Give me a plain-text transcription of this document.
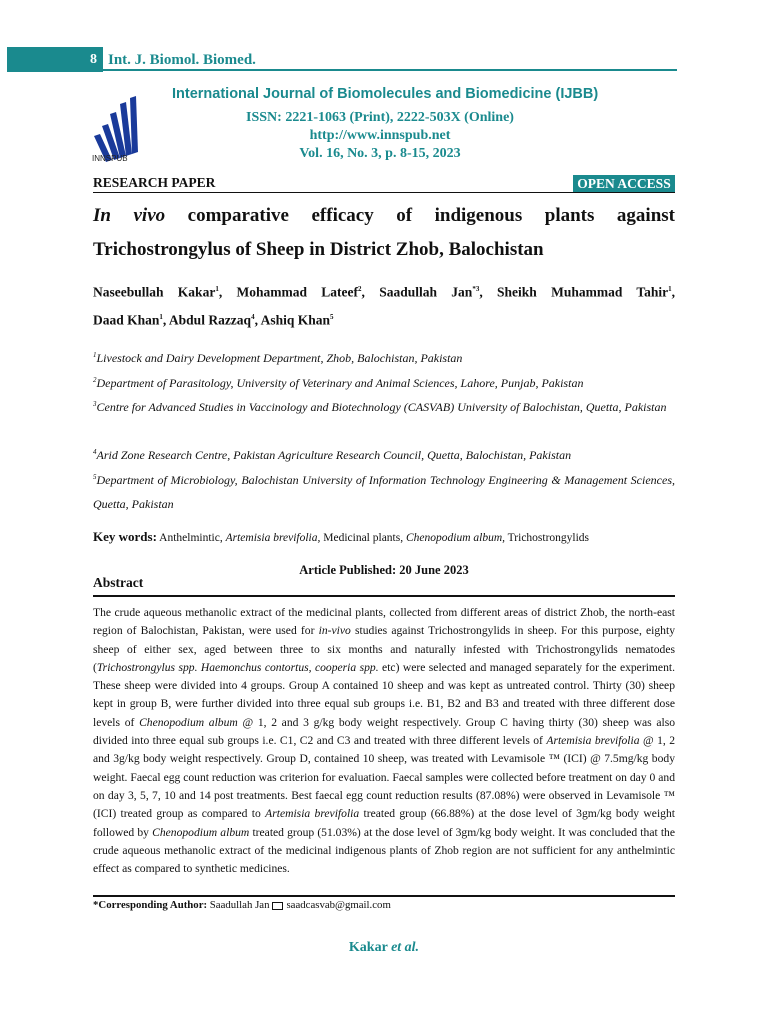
8 Int. J. Biomol. Biomed.
INNSPUB
International Journal of Biomolecules and Biomedicine (IJBB)
ISSN: 2221-1063 (Print), 2222-503X (Online)
http://www.innspub.net
Vol. 16, No. 3, p. 8-15, 2023
RESEARCH PAPER	OPEN ACCESS
In vivo comparative efficacy of indigenous plants against
Trichostrongylus of Sheep in District Zhob, Balochistan
Naseebullah Kakar$^1$, Mohammad Lateef$^2$, Saadullah Jan$^{*3}$, Sheikh Muhammad Tahir$^1$,
Daad Khan$^1$, Abdul Razzaq$^4$, Ashiq Khan$^5$
$^1$Livestock and Dairy Development Department, Zhob, Balochistan, Pakistan
$^2$Department of Parasitology, University of Veterinary and Animal Sciences, Lahore, Punjab, Pakistan
$^3$Centre for Advanced Studies in Vaccinology and Biotechnology (CASVAB) University of Balochistan, Quetta, Pakistan
$^4$Arid Zone Research Centre, Pakistan Agriculture Research Council, Quetta, Balochistan, Pakistan
$^5$Department of Microbiology, Balochistan University of Information Technology Engineering & Management Sciences, Quetta, Pakistan
Key words: Anthelmintic, Artemisia brevifolia, Medicinal plants, Chenopodium album, Trichostrongylids
Article Published: 20 June 2023
Abstract
The crude aqueous methanolic extract of the medicinal plants, collected from different areas of district Zhob, the north-east region of Balochistan, Pakistan, were used for in-vivo studies against Trichostrongylids in sheep. For this purpose, eighty sheep of either sex, aged between three to six months and naturally infested with Trichostrongylids nematodes (Trichostrongylus spp. Haemonchus contortus, cooperia spp. etc) were selected and managed separately for the experiment. These sheep were divided into 4 groups. Group A contained 10 sheep and was kept as untreated control. Thirty (30) sheep kept in group B, were further divided into three equal sub groups i.e. B1, B2 and B3 and treated with three different dose levels of Chenopodium album @ 1, 2 and 3 g/kg body weight respectively. Group C having thirty (30) sheep was also divided into three equal sub groups i.e. C1, C2 and C3 and treated with three different levels of Artemisia brevifolia @ 1, 2 and 3g/kg body weight respectively. Group D, contained 10 sheep, was treated with Levamisole ™ (ICI) @ 7.5mg/kg body weight. Faecal egg count reduction was criterion for evaluation. Faecal samples were collected before treatment on day 0 and on day 3, 5, 7, 10 and 14 post treatments. Best faecal egg count reduction results (87.08%) were observed in Levamisole ™ (ICI) treated group as compared to Artemisia brevifolia treated group (66.88%) at the dose level of 3gm/kg body weight followed by Chenopodium album treated group (51.03%) at the dose level of 3gm/kg body weight. It was concluded that the crude aqueous methanolic extract of the medicinal indigenous plants of Zhob region are not sufficient for any anthelmintic effect as compared to synthetic medicines.
*Corresponding Author: Saadullah Jan saadcasvab@gmail.com
Kakar et al.
